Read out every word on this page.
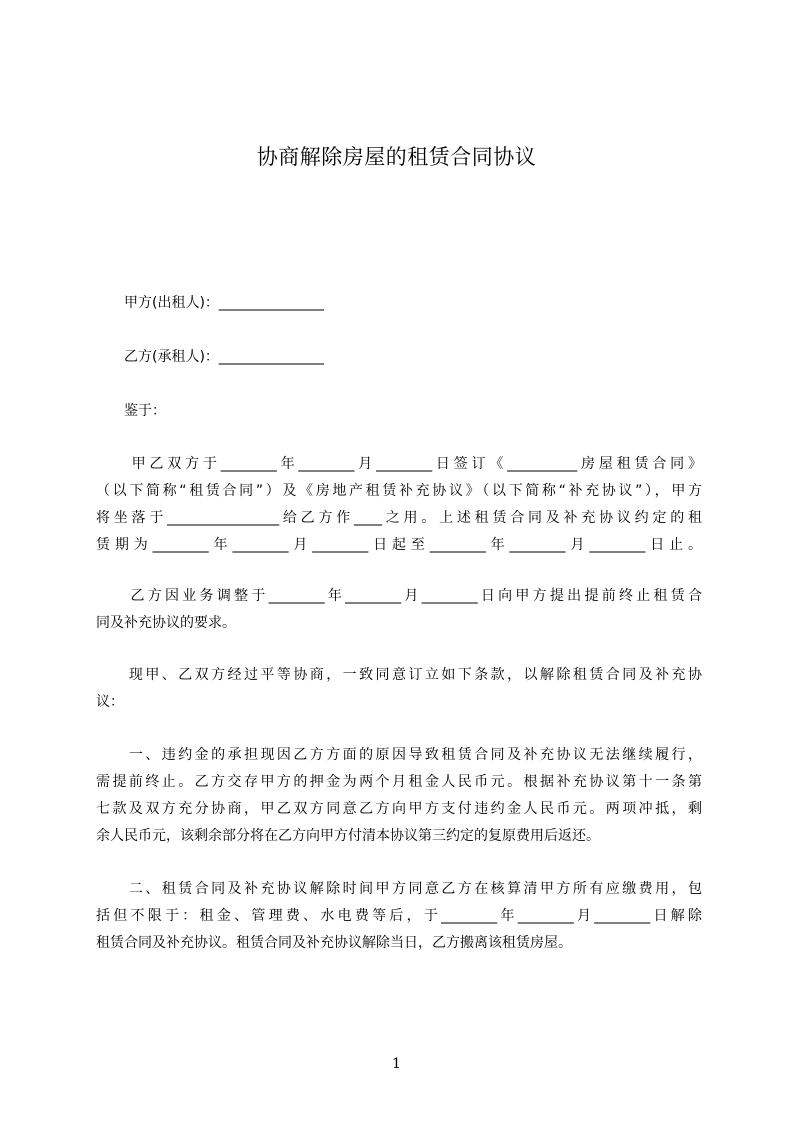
协商解除房屋的租赁合同协议
　　甲方(出租人)：_______________
　　乙方(承租人)：_______________
　　鉴于：
　　甲乙双方于________年________月________日签订《__________房屋租赁合同》
（以下简称“租赁合同”）及《房地产租赁补充协议》（以下简称“补充协议”），甲方
将坐落于________________给乙方作____之用。上述租赁合同及补充协议约定的租
赁期为________年________月________日起至________年________月________日止。
　　乙方因业务调整于________年________月________日向甲方提出提前终止租赁合
同及补充协议的要求。
　　现甲、乙双方经过平等协商，一致同意订立如下条款，以解除租赁合同及补充协
议：
　　一、违约金的承担现因乙方方面的原因导致租赁合同及补充协议无法继续履行，
需提前终止。乙方交存甲方的押金为两个月租金人民币元。根据补充协议第十一条第
七款及双方充分协商，甲乙双方同意乙方向甲方支付违约金人民币元。两项冲抵，剩
余人民币元，该剩余部分将在乙方向甲方付清本协议第三约定的复原费用后返还。
　　二、租赁合同及补充协议解除时间甲方同意乙方在核算清甲方所有应缴费用，包
括但不限于：租金、管理费、水电费等后，于________年________月________日解除
租赁合同及补充协议。租赁合同及补充协议解除当日，乙方搬离该租赁房屋。
1
